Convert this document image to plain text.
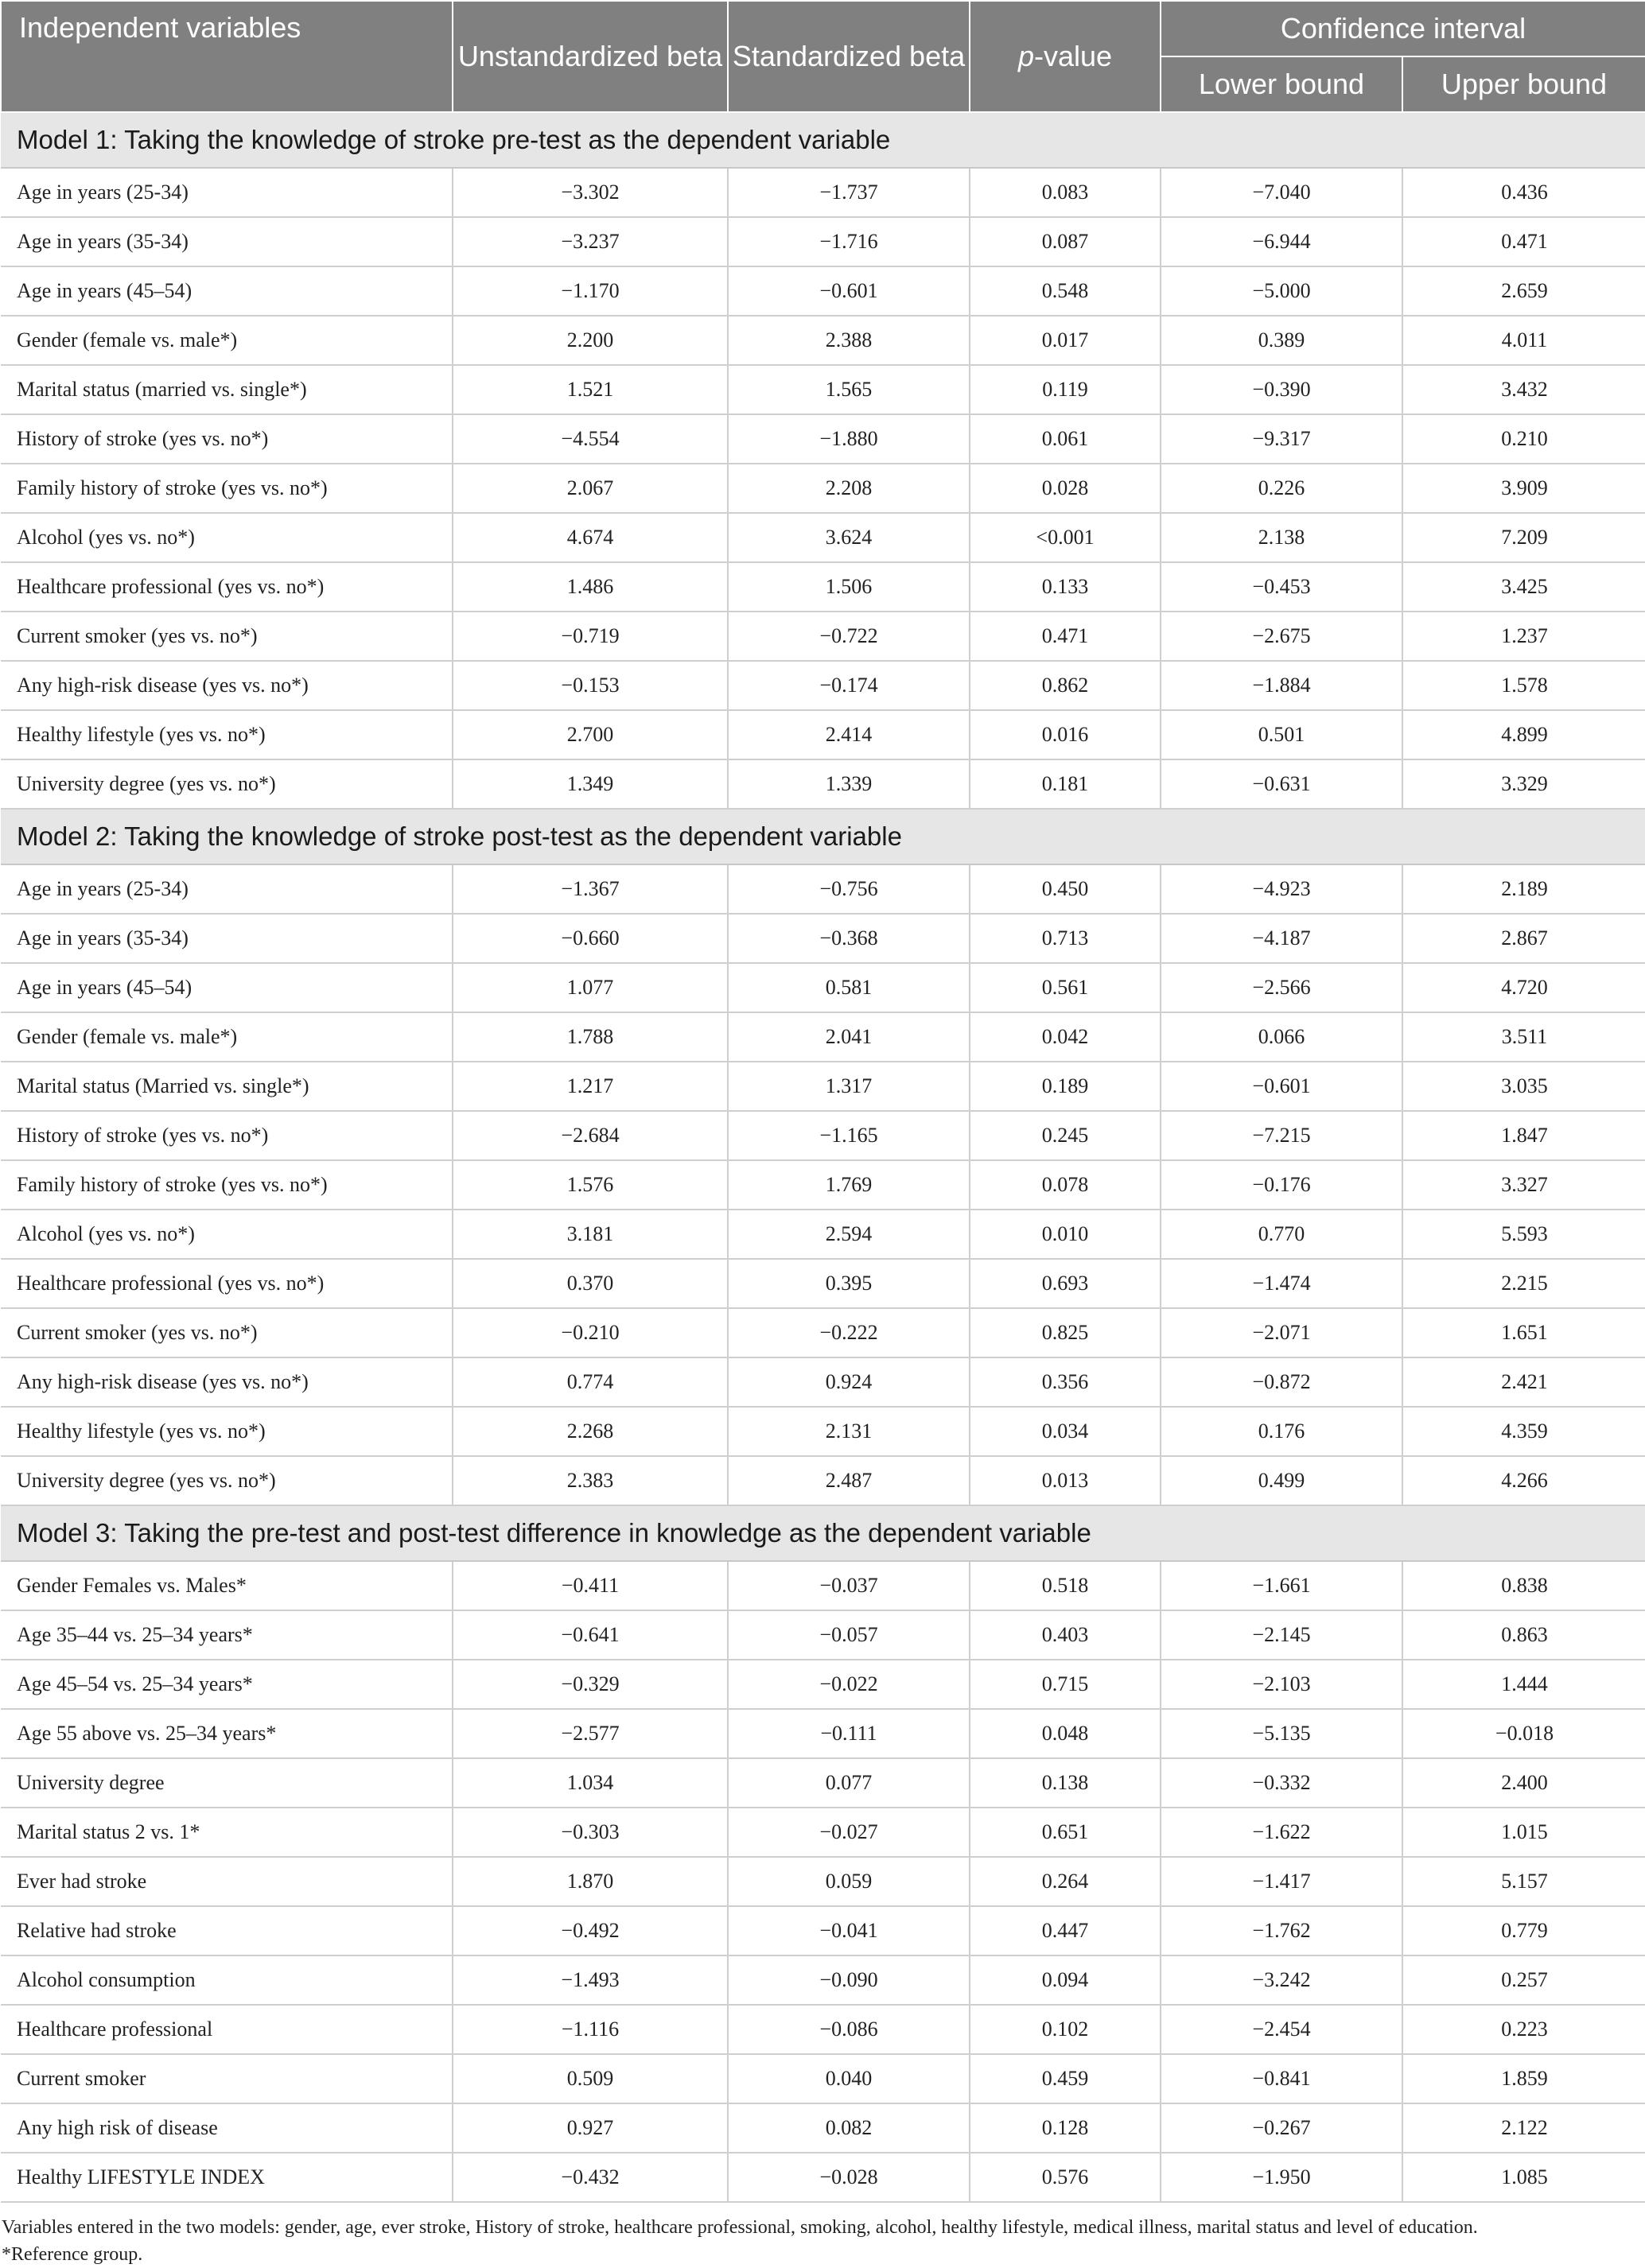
Independent variables	Unstandardized beta	Standardized beta	p-value	Confidence interval	
				Lower bound	Upper bound
Model 1: Taking the knowledge of stroke pre-test as the dependent variable					
Age in years (25-34)	−3.302	−1.737	0.083	−7.040	0.436
Age in years (35-34)	−3.237	−1.716	0.087	−6.944	0.471
Age in years (45–54)	−1.170	−0.601	0.548	−5.000	2.659
Gender (female vs. male*)	2.200	2.388	0.017	0.389	4.011
Marital status (married vs. single*)	1.521	1.565	0.119	−0.390	3.432
History of stroke (yes vs. no*)	−4.554	−1.880	0.061	−9.317	0.210
Family history of stroke (yes vs. no*)	2.067	2.208	0.028	0.226	3.909
Alcohol (yes vs. no*)	4.674	3.624	<0.001	2.138	7.209
Healthcare professional (yes vs. no*)	1.486	1.506	0.133	−0.453	3.425
Current smoker (yes vs. no*)	−0.719	−0.722	0.471	−2.675	1.237
Any high-risk disease (yes vs. no*)	−0.153	−0.174	0.862	−1.884	1.578
Healthy lifestyle (yes vs. no*)	2.700	2.414	0.016	0.501	4.899
University degree (yes vs. no*)	1.349	1.339	0.181	−0.631	3.329
Model 2: Taking the knowledge of stroke post-test as the dependent variable					
Age in years (25-34)	−1.367	−0.756	0.450	−4.923	2.189
Age in years (35-34)	−0.660	−0.368	0.713	−4.187	2.867
Age in years (45–54)	1.077	0.581	0.561	−2.566	4.720
Gender (female vs. male*)	1.788	2.041	0.042	0.066	3.511
Marital status (Married vs. single*)	1.217	1.317	0.189	−0.601	3.035
History of stroke (yes vs. no*)	−2.684	−1.165	0.245	−7.215	1.847
Family history of stroke (yes vs. no*)	1.576	1.769	0.078	−0.176	3.327
Alcohol (yes vs. no*)	3.181	2.594	0.010	0.770	5.593
Healthcare professional (yes vs. no*)	0.370	0.395	0.693	−1.474	2.215
Current smoker (yes vs. no*)	−0.210	−0.222	0.825	−2.071	1.651
Any high-risk disease (yes vs. no*)	0.774	0.924	0.356	−0.872	2.421
Healthy lifestyle (yes vs. no*)	2.268	2.131	0.034	0.176	4.359
University degree (yes vs. no*)	2.383	2.487	0.013	0.499	4.266
Model 3: Taking the pre-test and post-test difference in knowledge as the dependent variable					
Gender Females vs. Males*	−0.411	−0.037	0.518	−1.661	0.838
Age 35–44 vs. 25–34 years*	−0.641	−0.057	0.403	−2.145	0.863
Age 45–54 vs. 25–34 years*	−0.329	−0.022	0.715	−2.103	1.444
Age 55 above vs. 25–34 years*	−2.577	−0.111	0.048	−5.135	−0.018
University degree	1.034	0.077	0.138	−0.332	2.400
Marital status 2 vs. 1*	−0.303	−0.027	0.651	−1.622	1.015
Ever had stroke	1.870	0.059	0.264	−1.417	5.157
Relative had stroke	−0.492	−0.041	0.447	−1.762	0.779
Alcohol consumption	−1.493	−0.090	0.094	−3.242	0.257
Healthcare professional	−1.116	−0.086	0.102	−2.454	0.223
Current smoker	0.509	0.040	0.459	−0.841	1.859
Any high risk of disease	0.927	0.082	0.128	−0.267	2.122
Healthy LIFESTYLE INDEX	−0.432	−0.028	0.576	−1.950	1.085
Variables entered in the two models: gender, age, ever stroke, History of stroke, healthcare professional, smoking, alcohol, healthy lifestyle, medical illness, marital status and level of education.
*Reference group.
